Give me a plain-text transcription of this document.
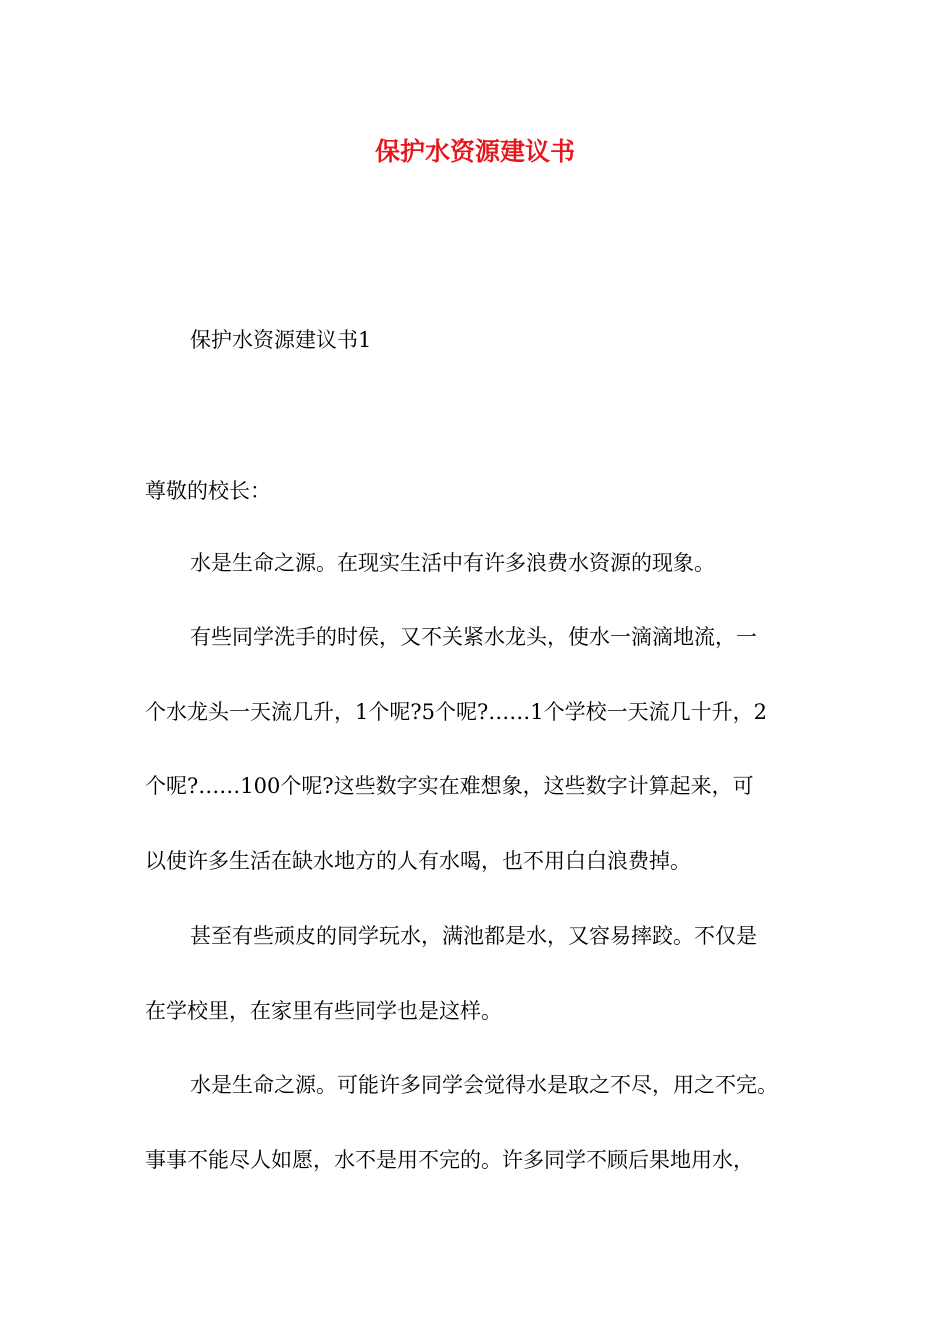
保护水资源建议书
保护水资源建议书1
尊敬的校长：
水是生命之源。在现实生活中有许多浪费水资源的现象。
有些同学洗手的时侯，又不关紧水龙头，使水一滴滴地流，一
个水龙头一天流几升，1个呢?5个呢?……1个学校一天流几十升，2
个呢?……100个呢?这些数字实在难想象，这些数字计算起来，可
以使许多生活在缺水地方的人有水喝，也不用白白浪费掉。
甚至有些顽皮的同学玩水，满池都是水，又容易摔跤。不仅是
在学校里，在家里有些同学也是这样。
水是生命之源。可能许多同学会觉得水是取之不尽，用之不完。
事事不能尽人如愿，水不是用不完的。许多同学不顾后果地用水，
